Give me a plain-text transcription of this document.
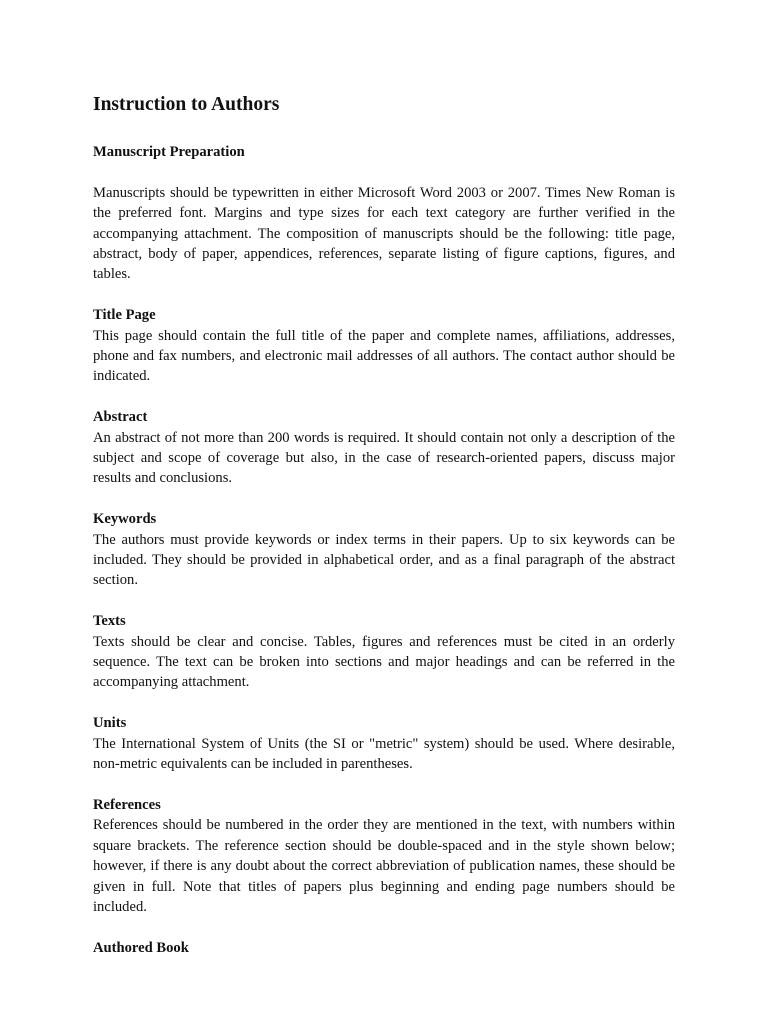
Instruction to Authors
Manuscript Preparation

Manuscripts should be typewritten in either Microsoft Word 2003 or 2007. Times New Roman is the preferred font. Margins and type sizes for each text category are further verified in the accompanying attachment. The composition of manuscripts should be the following: title page, abstract, body of paper, appendices, references, separate listing of figure captions, figures, and tables.

Title Page

This page should contain the full title of the paper and complete names, affiliations, addresses, phone and fax numbers, and electronic mail addresses of all authors. The contact author should be indicated.

Abstract

An abstract of not more than 200 words is required. It should contain not only a description of the subject and scope of coverage but also, in the case of research-oriented papers, discuss major results and conclusions.

Keywords

The authors must provide keywords or index terms in their papers. Up to six keywords can be included. They should be provided in alphabetical order, and as a final paragraph of the abstract section.

Texts

Texts should be clear and concise. Tables, figures and references must be cited in an orderly sequence. The text can be broken into sections and major headings and can be referred in the accompanying attachment.

Units

The International System of Units (the SI or "metric" system) should be used. Where desirable, non-metric equivalents can be included in parentheses.

References

References should be numbered in the order they are mentioned in the text, with numbers within square brackets. The reference section should be double-spaced and in the style shown below; however, if there is any doubt about the correct abbreviation of publication names, these should be given in full. Note that titles of papers plus beginning and ending page numbers should be included.

Authored Book
